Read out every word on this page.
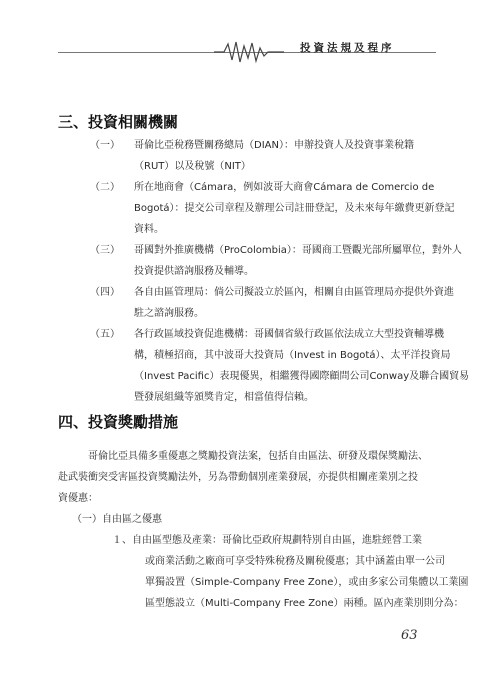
投資法規及程序
三、投資相關機關
（一） 哥倫比亞稅務暨關務總局（DIAN）：申辦投資人及投資事業稅籍
（RUT）以及稅號（NIT）
（二） 所在地商會（Cámara，例如波哥大商會Cámara de Comercio de
Bogotá）：提交公司章程及辦理公司註冊登記，及未來每年繳費更新登記
資料。
（三） 哥國對外推廣機構（ProColombia）：哥國商工暨觀光部所屬單位，對外人
投資提供諮詢服務及輔導。
（四） 各自由區管理局：倘公司擬設立於區內，相關自由區管理局亦提供外資進
駐之諮詢服務。
（五） 各行政區域投資促進機構：哥國個省級行政區依法成立大型投資輔導機
構，積極招商，其中波哥大投資局（Invest in Bogotá）、太平洋投資局
（Invest Pacific）表現優異，相繼獲得國際顧問公司Conway及聯合國貿易
暨發展組織等頒獎肯定，相當值得信賴。
四、投資獎勵措施
哥倫比亞具備多重優惠之獎勵投資法案，包括自由區法、研發及環保獎勵法、
赴武裝衝突受害區投資獎勵法外，另為帶動個別產業發展，亦提供相關產業別之投
資優惠：
（一）自由區之優惠
１、自由區型態及產業：哥倫比亞政府規劃特別自由區，進駐經營工業
或商業活動之廠商可享受特殊稅務及關稅優惠；其中涵蓋由單一公司
單獨設置（Simple-Company Free Zone），或由多家公司集體以工業園
區型態設立（Multi-Company Free Zone）兩種。區內產業別則分為：
63
